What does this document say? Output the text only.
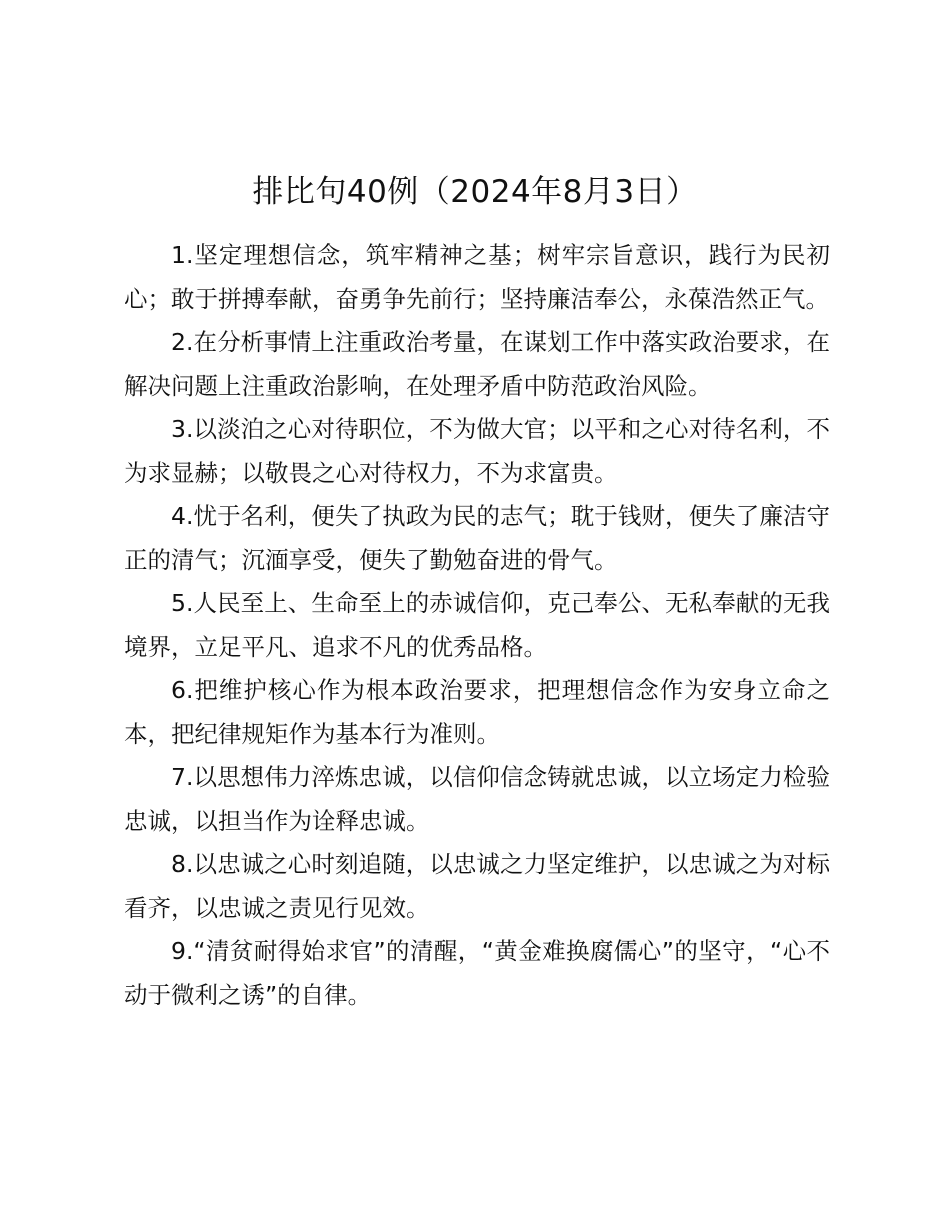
排比句40例（2024年8月3日）

1.坚定理想信念，筑牢精神之基；树牢宗旨意识，践行为民初心；敢于拼搏奉献，奋勇争先前行；坚持廉洁奉公，永葆浩然正气。

2.在分析事情上注重政治考量，在谋划工作中落实政治要求，在解决问题上注重政治影响，在处理矛盾中防范政治风险。

3.以淡泊之心对待职位，不为做大官；以平和之心对待名利，不为求显赫；以敬畏之心对待权力，不为求富贵。

4.忧于名利，便失了执政为民的志气；耽于钱财，便失了廉洁守正的清气；沉湎享受，便失了勤勉奋进的骨气。

5.人民至上、生命至上的赤诚信仰，克己奉公、无私奉献的无我境界，立足平凡、追求不凡的优秀品格。

6.把维护核心作为根本政治要求，把理想信念作为安身立命之本，把纪律规矩作为基本行为准则。

7.以思想伟力淬炼忠诚，以信仰信念铸就忠诚，以立场定力检验忠诚，以担当作为诠释忠诚。

8.以忠诚之心时刻追随，以忠诚之力坚定维护，以忠诚之为对标看齐，以忠诚之责见行见效。

9.“清贫耐得始求官”的清醒，“黄金难换腐儒心”的坚守，“心不动于微利之诱”的自律。
